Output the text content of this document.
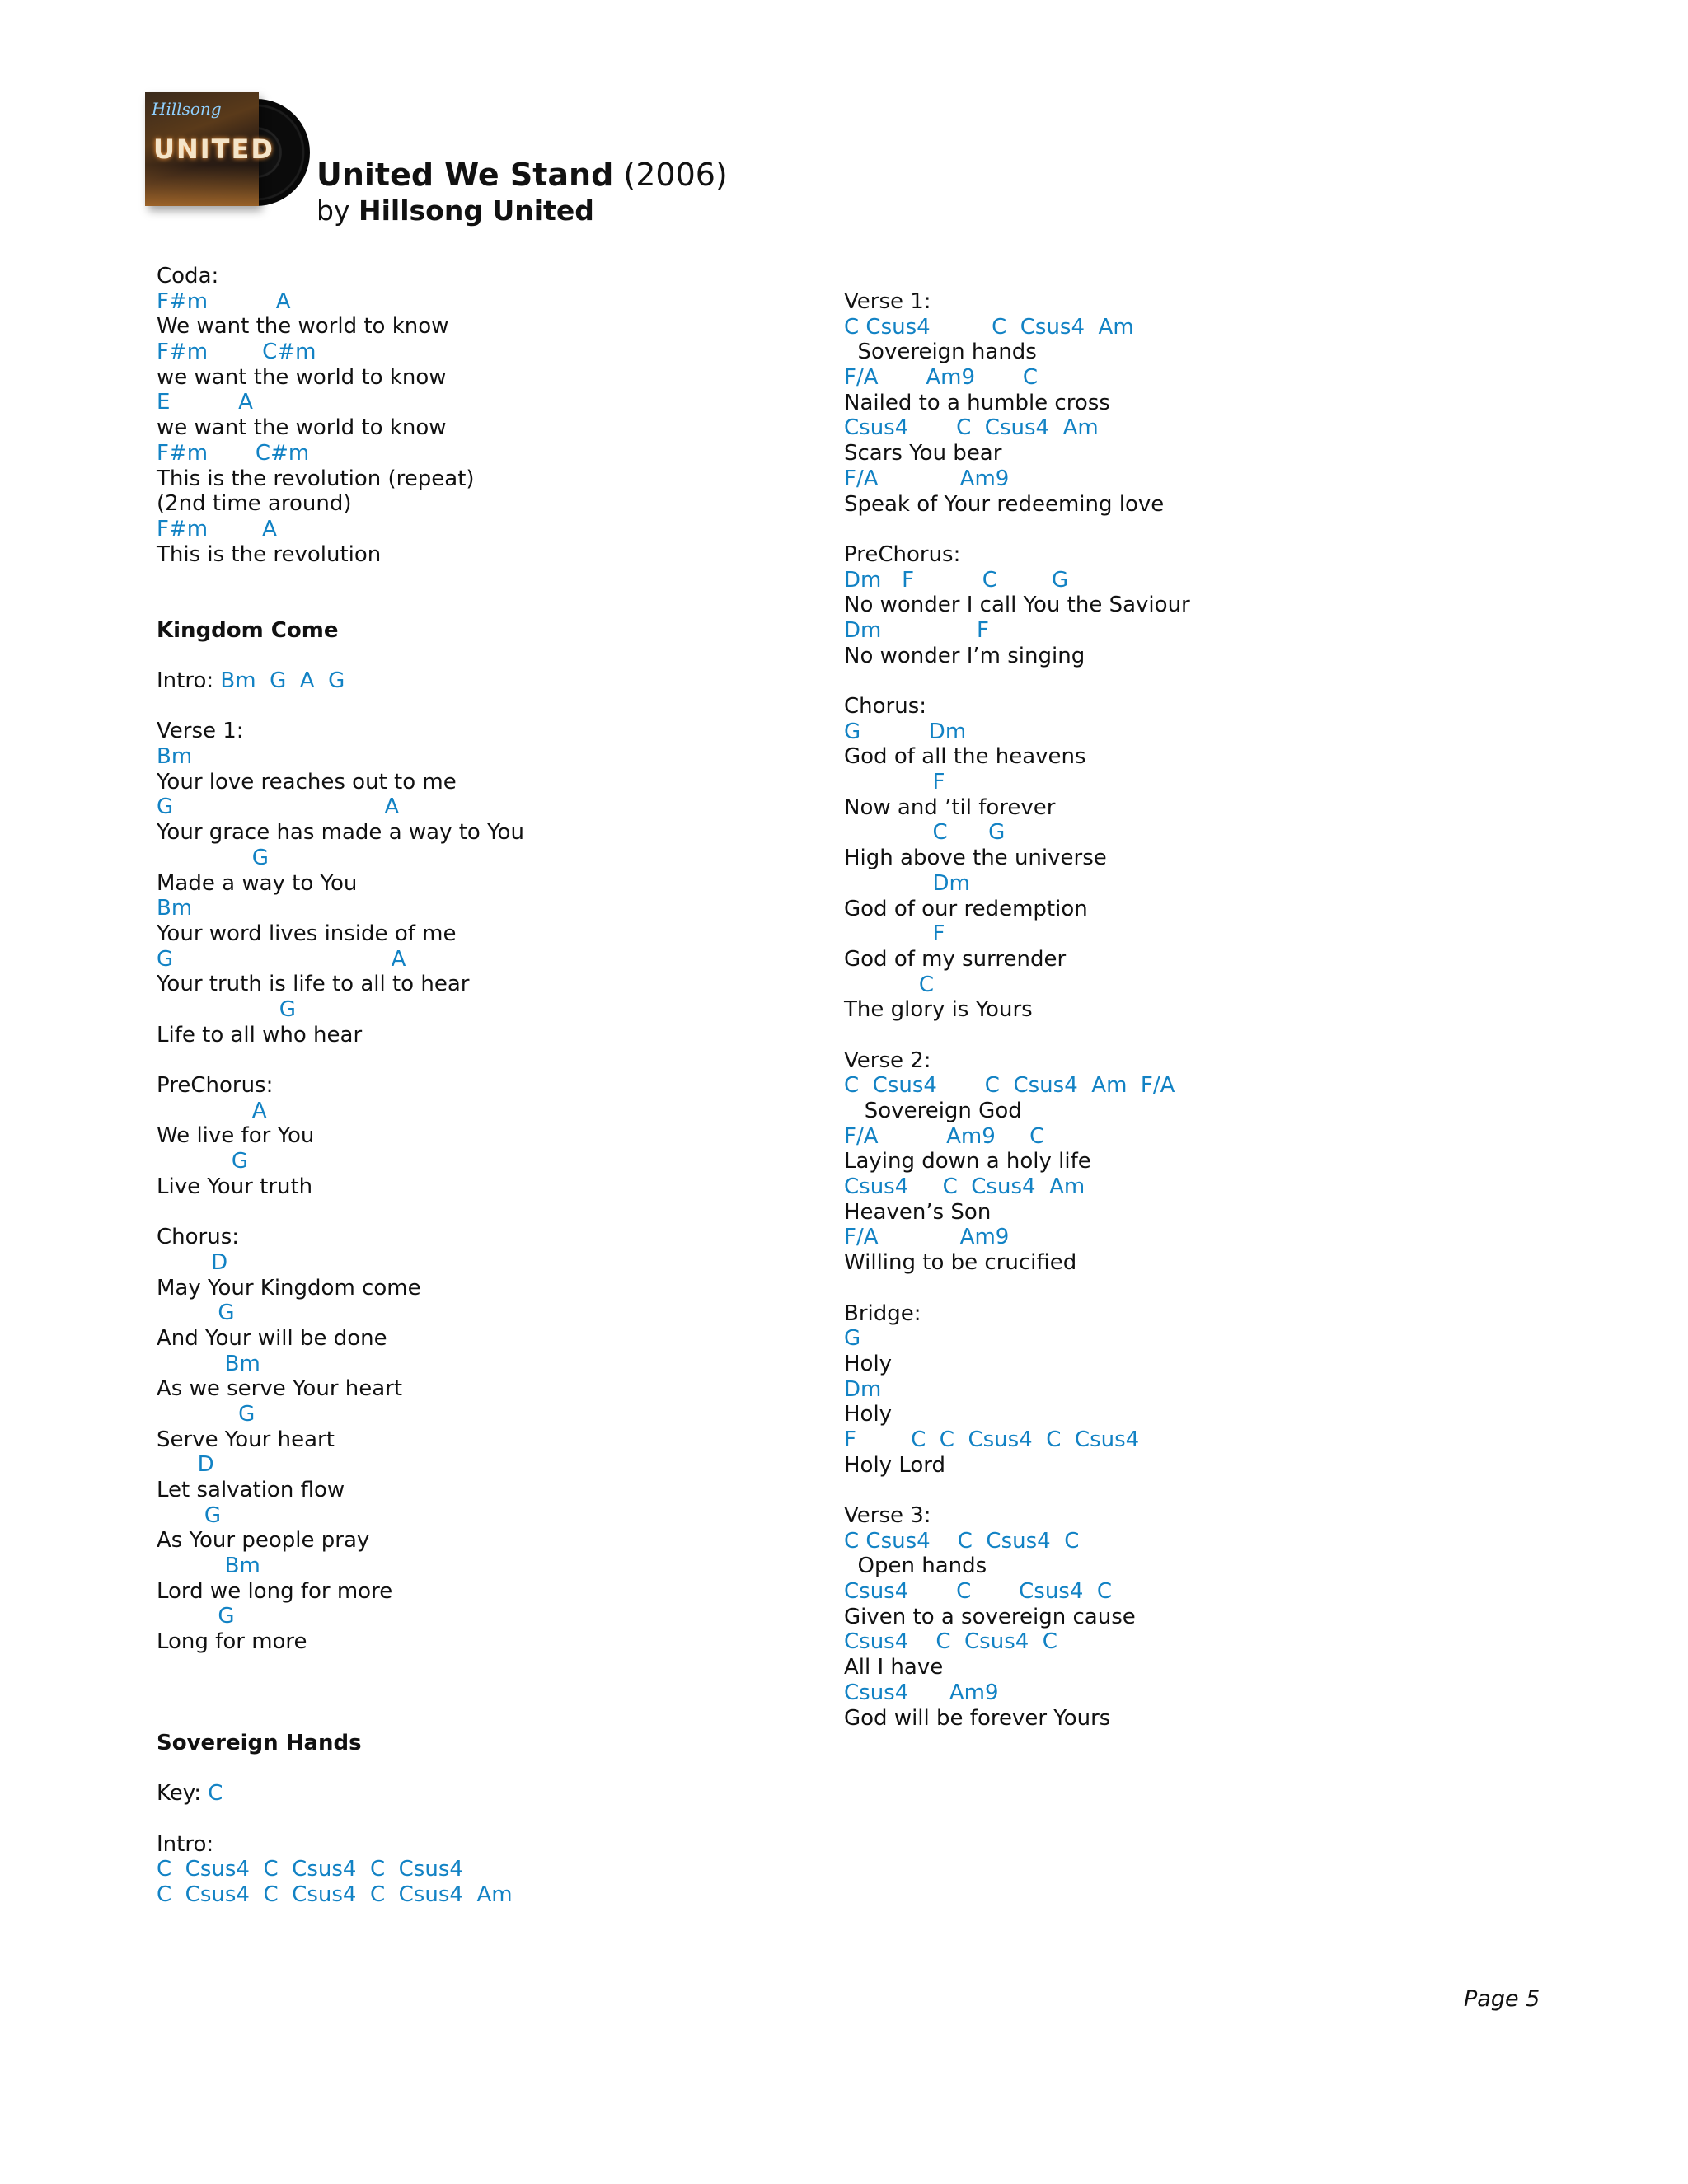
Hillsong
UNITED
United We Stand (2006)
by Hillsong United
Coda:
F#m          A
We want the world to know
F#m        C#m
we want the world to know
E          A
we want the world to know
F#m       C#m
This is the revolution (repeat)
(2nd time around)
F#m        A
This is the revolution
Kingdom Come
Intro: Bm  G  A  G
Verse 1:
Bm
Your love reaches out to me
G                               A
Your grace has made a way to You
G
Made a way to You
Bm
Your word lives inside of me
G                                A
Your truth is life to all to hear
G
Life to all who hear
PreChorus:
A
We live for You
G
Live Your truth
Chorus:
D
May Your Kingdom come
G
And Your will be done
Bm
As we serve Your heart
G
Serve Your heart
D
Let salvation flow
G
As Your people pray
Bm
Lord we long for more
G
Long for more
Sovereign Hands
Key: C
Intro:
C  Csus4  C  Csus4  C  Csus4
C  Csus4  C  Csus4  C  Csus4  Am
Verse 1:
C Csus4         C  Csus4  Am
Sovereign hands
F/A       Am9       C
Nailed to a humble cross
Csus4       C  Csus4  Am
Scars You bear
F/A            Am9
Speak of Your redeeming love
PreChorus:
Dm   F          C        G
No wonder I call You the Saviour
Dm              F
No wonder I’m singing
Chorus:
G          Dm
God of all the heavens
F
Now and ’til forever
C      G
High above the universe
Dm
God of our redemption
F
God of my surrender
C
The glory is Yours
Verse 2:
C  Csus4       C  Csus4  Am  F/A
Sovereign God
F/A          Am9     C
Laying down a holy life
Csus4     C  Csus4  Am
Heaven’s Son
F/A            Am9
Willing to be crucified
Bridge:
G
Holy
Dm
Holy
F        C  C  Csus4  C  Csus4
Holy Lord
Verse 3:
C Csus4    C  Csus4  C
Open hands
Csus4       C       Csus4  C
Given to a sovereign cause
Csus4    C  Csus4  C
All I have
Csus4      Am9
God will be forever Yours
Page 5
